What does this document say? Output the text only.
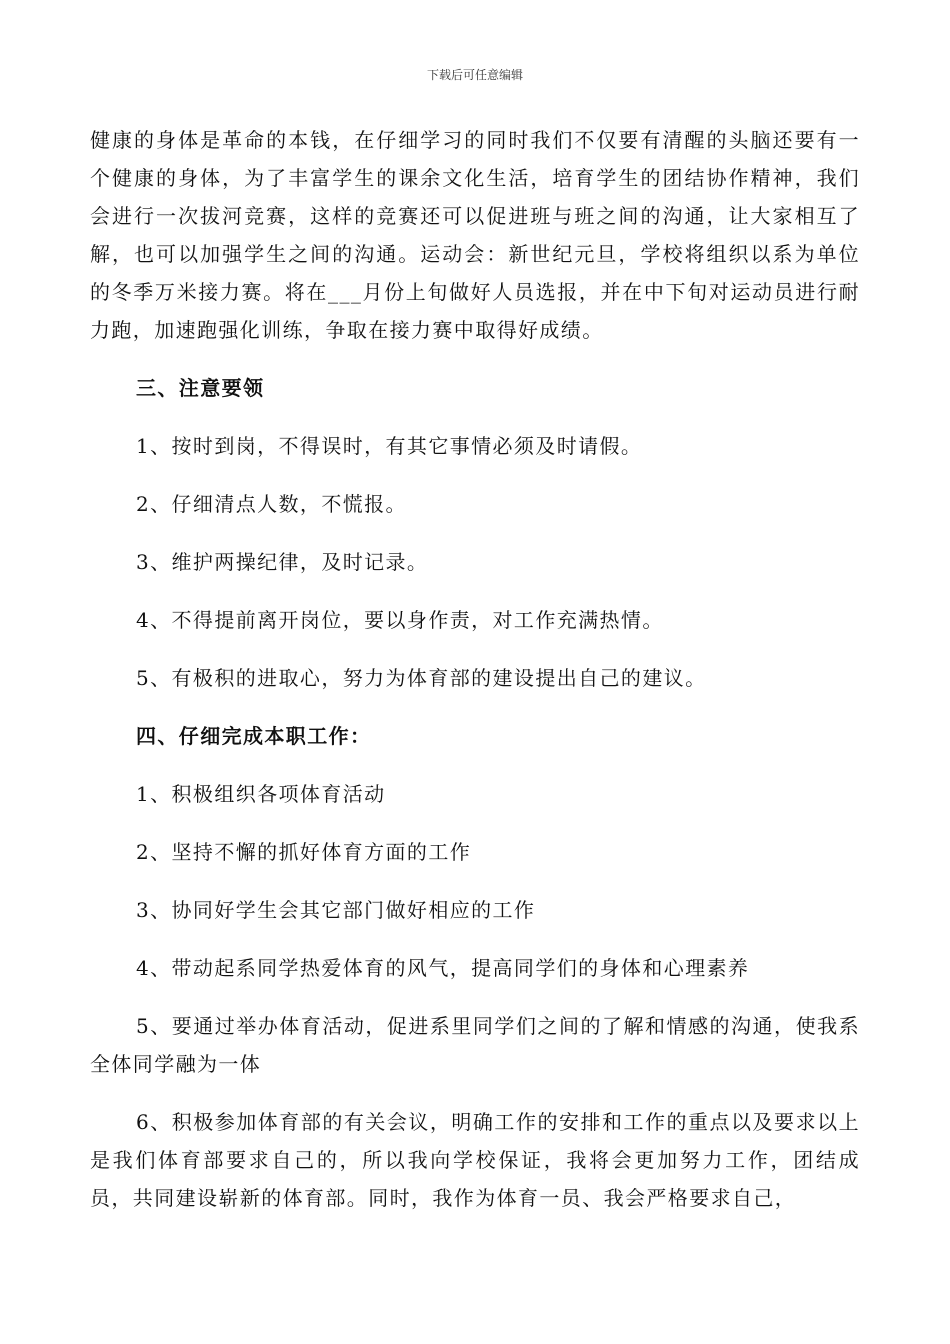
下载后可任意编辑

健康的身体是革命的本钱，在仔细学习的同时我们不仅要有清醒的头脑还要有一个健康的身体，为了丰富学生的课余文化生活，培育学生的团结协作精神，我们会进行一次拔河竞赛，这样的竞赛还可以促进班与班之间的沟通，让大家相互了解，也可以加强学生之间的沟通。运动会：新世纪元旦，学校将组织以系为单位的冬季万米接力赛。将在___月份上旬做好人员选报，并在中下旬对运动员进行耐力跑，加速跑强化训练，争取在接力赛中取得好成绩。

三、注意要领

1、按时到岗，不得误时，有其它事情必须及时请假。

2、仔细清点人数，不慌报。

3、维护两操纪律，及时记录。

4、不得提前离开岗位，要以身作责，对工作充满热情。

5、有极积的进取心，努力为体育部的建设提出自己的建议。

四、仔细完成本职工作：

1、积极组织各项体育活动

2、坚持不懈的抓好体育方面的工作

3、协同好学生会其它部门做好相应的工作

4、带动起系同学热爱体育的风气，提高同学们的身体和心理素养

5、要通过举办体育活动，促进系里同学们之间的了解和情感的沟通，使我系全体同学融为一体

6、积极参加体育部的有关会议，明确工作的安排和工作的重点以及要求以上是我们体育部要求自己的，所以我向学校保证，我将会更加努力工作，团结成员，共同建设崭新的体育部。同时，我作为体育一员、我会严格要求自己，
